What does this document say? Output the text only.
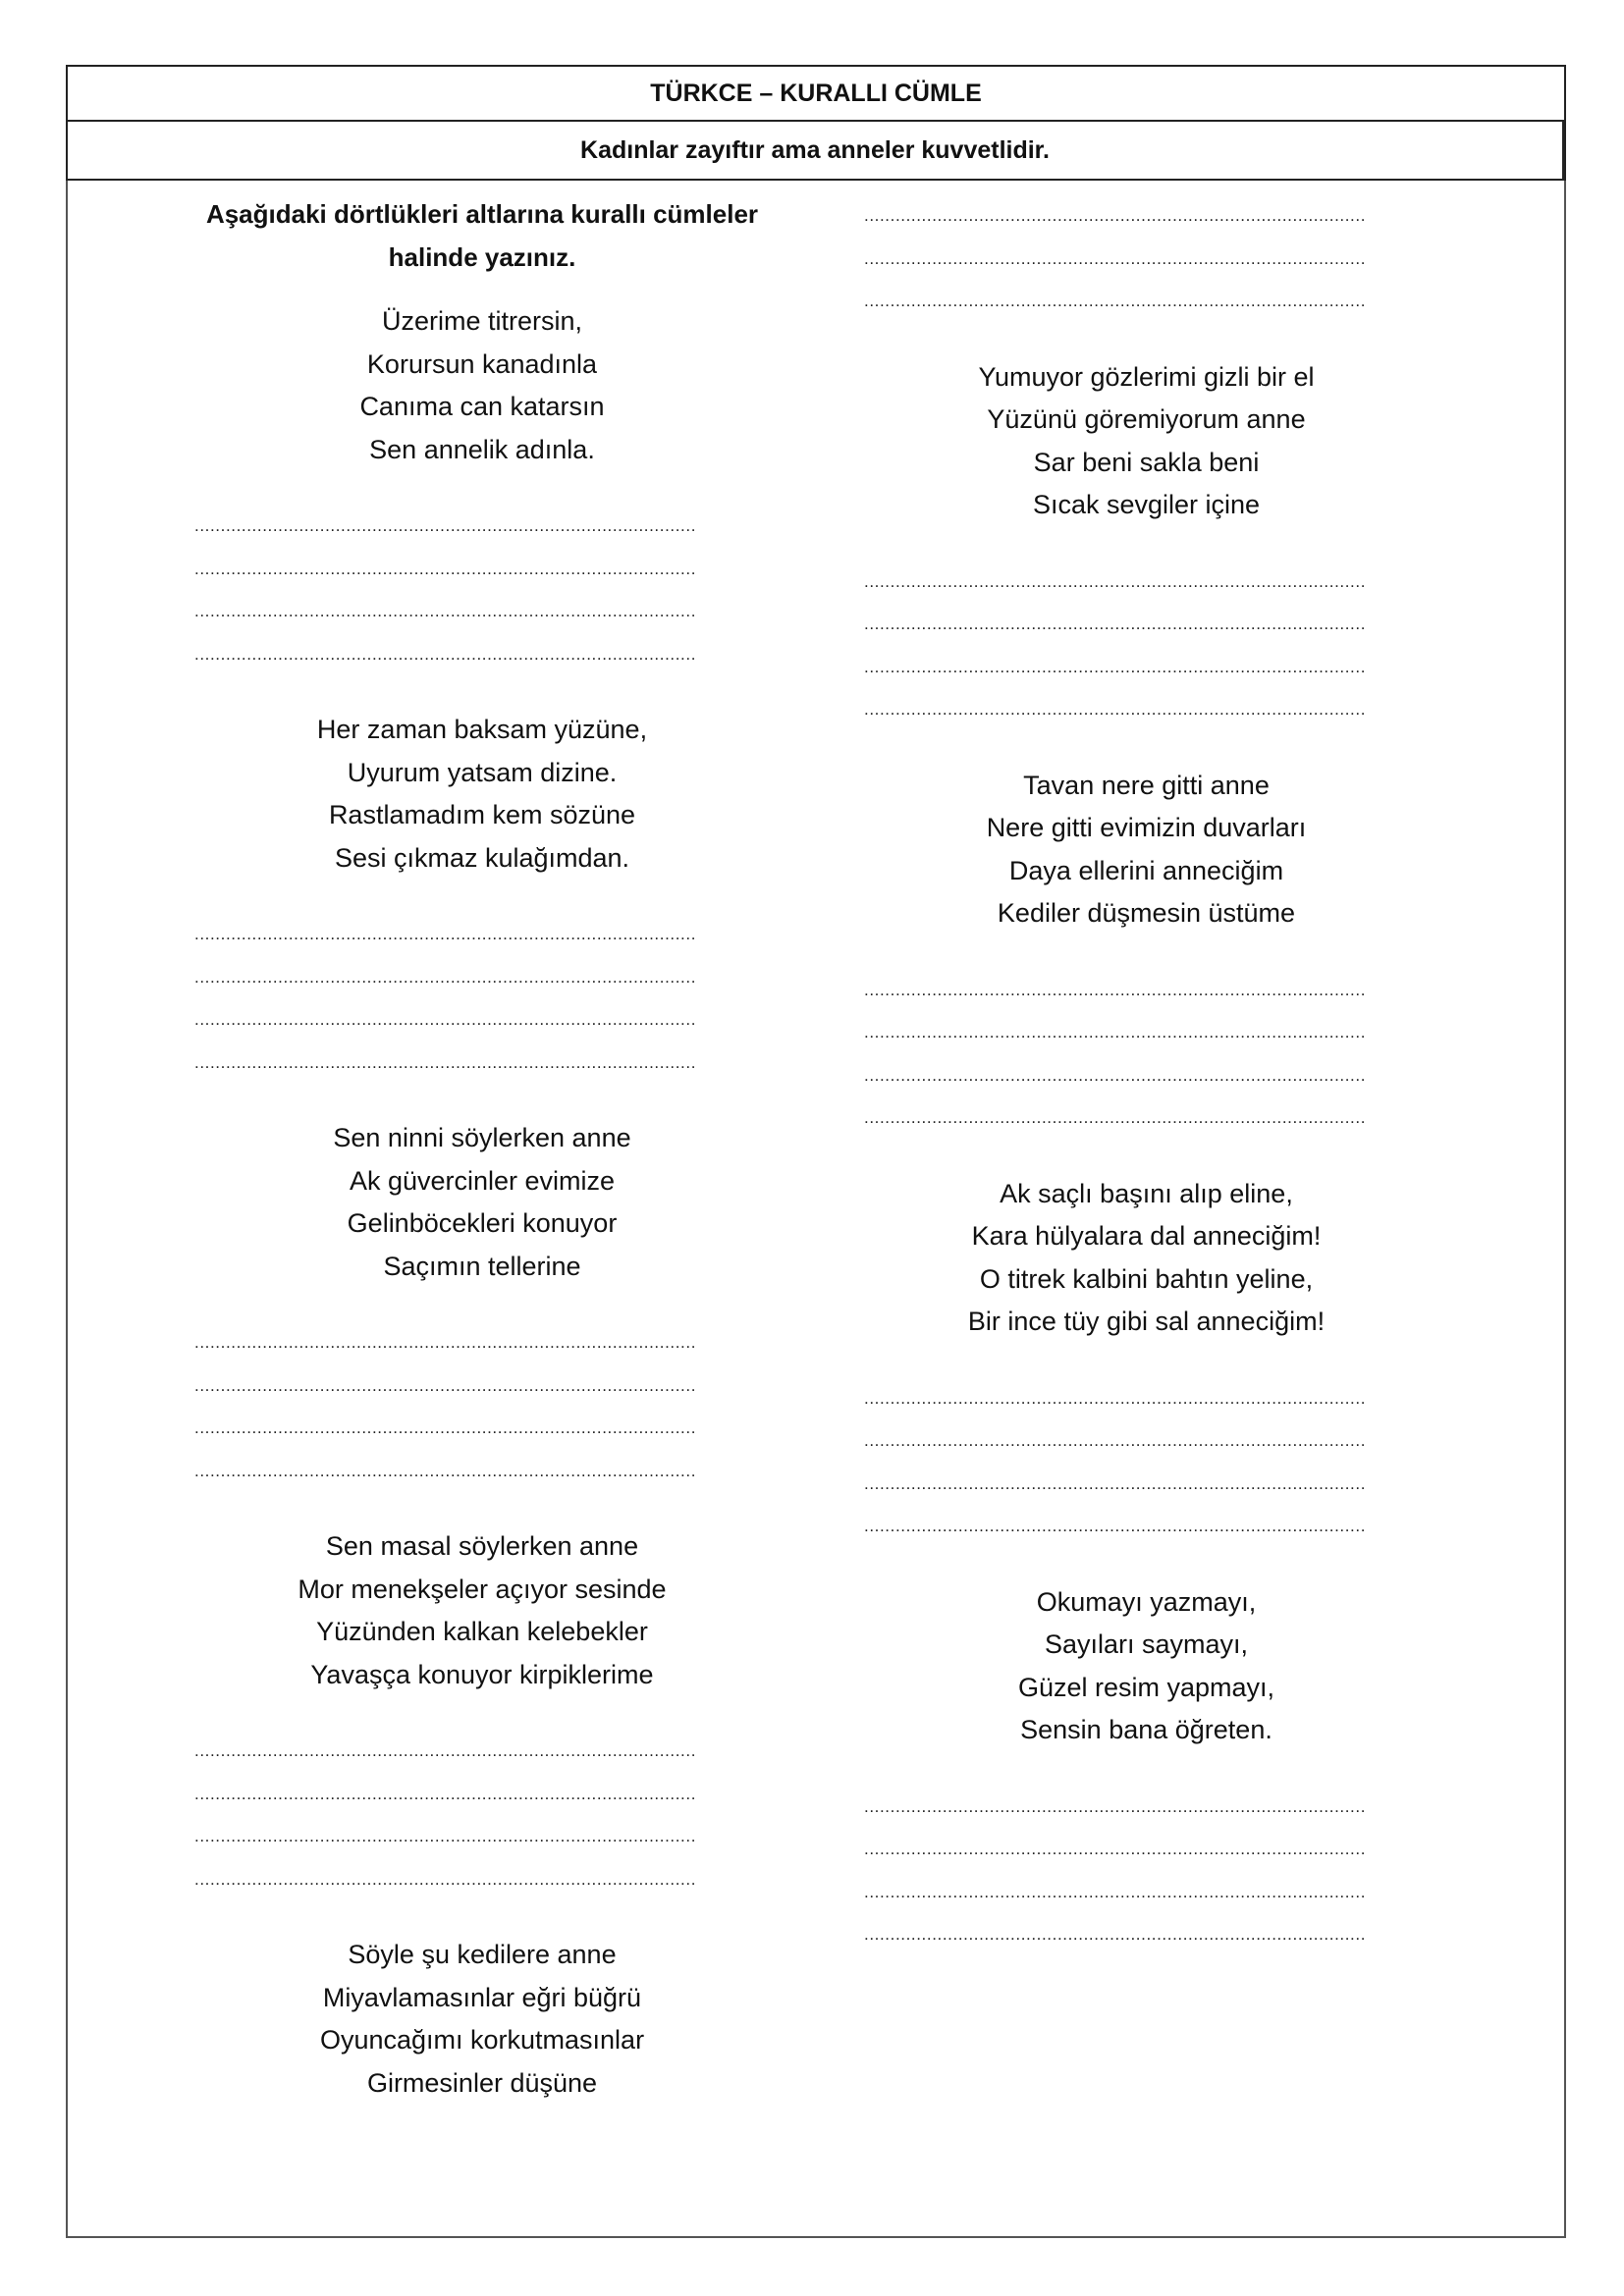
TÜRKCE – KURALLI CÜMLE
Kadınlar zayıftır ama anneler kuvvetlidir.
Aşağıdaki dörtlükleri altlarına kurallı cümleler
halinde yazınız.
Üzerime titrersin,
Korursun kanadınla
Canıma can katarsın
Sen annelik adınla.
................................................................................................
................................................................................................
................................................................................................
................................................................................................
Her zaman baksam yüzüne,
Uyurum yatsam dizine.
Rastlamadım kem sözüne
Sesi çıkmaz kulağımdan.
................................................................................................
................................................................................................
................................................................................................
................................................................................................
Sen ninni söylerken anne
Ak güvercinler evimize
Gelinböcekleri konuyor
Saçımın tellerine
................................................................................................
................................................................................................
................................................................................................
................................................................................................
Sen masal söylerken anne
Mor menekşeler açıyor sesinde
Yüzünden kalkan kelebekler
Yavaşça konuyor kirpiklerime
................................................................................................
................................................................................................
................................................................................................
................................................................................................
Söyle şu kedilere anne
Miyavlamasınlar eğri büğrü
Oyuncağımı korkutmasınlar
Girmesinler düşüne
................................................................................................
................................................................................................
................................................................................................
Yumuyor gözlerimi gizli bir el
Yüzünü göremiyorum anne
Sar beni sakla beni
Sıcak sevgiler içine
................................................................................................
................................................................................................
................................................................................................
................................................................................................
Tavan nere gitti anne
Nere gitti evimizin duvarları
Daya ellerini anneciğim
Kediler düşmesin üstüme
................................................................................................
................................................................................................
................................................................................................
................................................................................................
Ak saçlı başını alıp eline,
Kara hülyalara dal anneciğim!
O titrek kalbini bahtın yeline,
Bir ince tüy gibi sal anneciğim!
................................................................................................
................................................................................................
................................................................................................
................................................................................................
Okumayı yazmayı,
Sayıları saymayı,
Güzel resim yapmayı,
Sensin bana öğreten.
................................................................................................
................................................................................................
................................................................................................
................................................................................................
